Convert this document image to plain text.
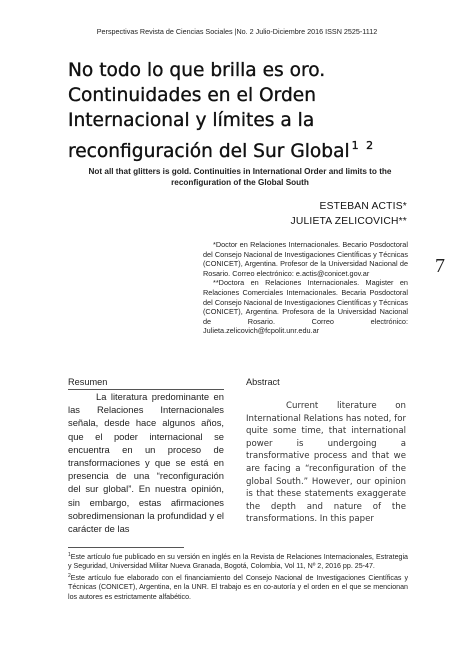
Perspectivas Revista de Ciencias Sociales |No. 2 Julio-Diciembre 2016 ISSN 2525-1112
No todo lo que brilla es oro.
Continuidades en el Orden
Internacional y límites a la
reconfiguración del Sur Global $^{1 2}$
Not all that glitters is gold. Continuities in International Order and limits to the
reconfiguration of the Global South
ESTEBAN ACTIS*
JULIETA ZELICOVICH**

*Doctor en Relaciones Internacionales. Becario Posdoctoral del Consejo Nacional de Investigaciones Científicas y Técnicas (CONICET), Argentina. Profesor de la Universidad Nacional de Rosario. Correo electrónico: e.actis@conicet.gov.ar

**Doctora en Relaciones Internacionales. Magister en Relaciones Comerciales Internacionales. Becaria Posdoctoral del Consejo Nacional de Investigaciones Científicas y Técnicas (CONICET), Argentina. Profesora de la Universidad Nacional de Rosario. Correo electrónico: Julieta.zelicovich@fcpolit.unr.edu.ar

7
Resumen

La literatura predominante en las Relaciones Internacionales señala, desde hace algunos años, que el poder internacional se encuentra en un proceso de transformaciones y que se está en presencia de una “reconfiguración del sur global”. En nuestra opinión, sin embargo, estas afirmaciones sobredimensionan la profundidad y el carácter de las

Abstract

Current literature on International Relations has noted, for quite some time, that international power is undergoing a transformative process and that we are facing a “reconfiguration of the global South.” However, our opinion is that these statements exaggerate the depth and nature of the transformations. In this paper

$^1$Este artículo fue publicado en su versión en inglés en la Revista de Relaciones Internacionales, Estrategia y Seguridad, Universidad Militar Nueva Granada, Bogotá, Colombia, Vol 11, Nº 2, 2016 pp. 25-47.

$^2$Este artículo fue elaborado con el financiamiento del Consejo Nacional de Investigaciones Científicas y Técnicas (CONICET), Argentina, en la UNR. El trabajo es en co-autoría y el orden en el que se mencionan los autores es estrictamente alfabético.
